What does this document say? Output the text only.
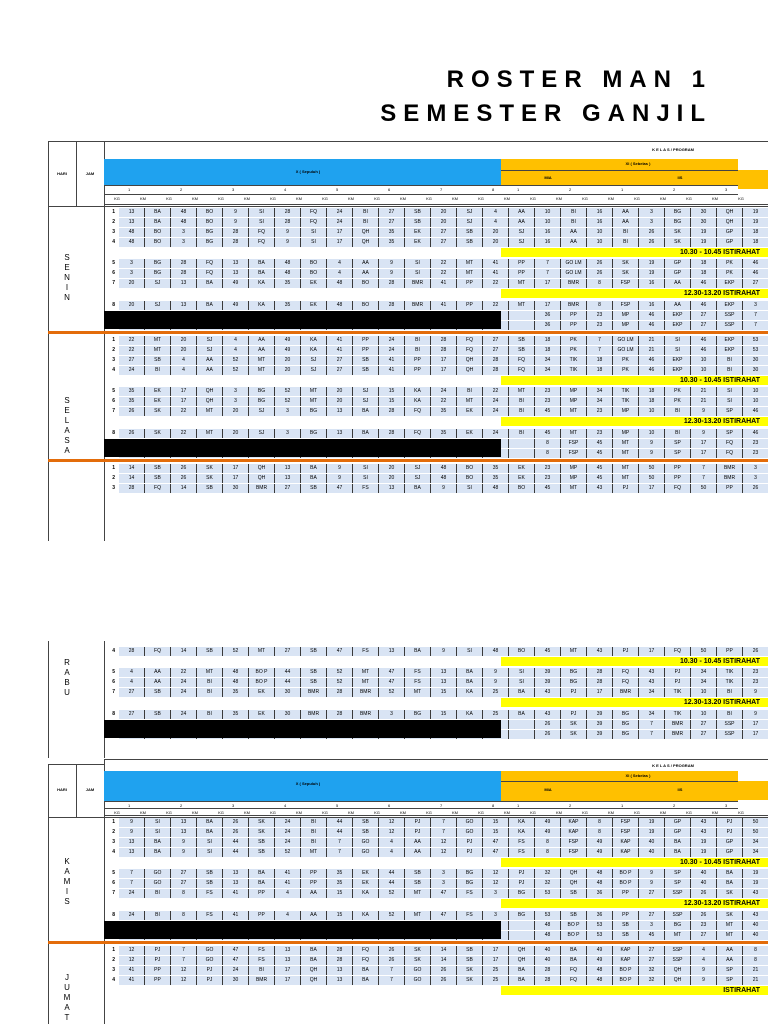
ROSTER MAN 1
SEMESTER GANJIL
K E L A S / PROGRAM
HARI	JAM	X ( Sepuluh )
XI ( Sebelas )
MIA	IIS
1	2	3	4	5	6	7	8	1	2	1	2	3
KG	KM	KG	KM	KG	KM	KG	KM	KG	KM	KG	KM	KG	KM	KG	KM	KG	KM	KG	KM	KG	KM	KG	KM	KG
1	13	BA	48	BO	9	SI	28	FQ	24	BI	27	SB	20	SJ	4	AA	10	BI	16	AA	3	BG	30	QH	19
2	13	BA	48	BO	9	SI	28	FQ	24	BI	27	SB	20	SJ	4	AA	10	BI	16	AA	3	BG	30	QH	19
3	48	BO	3	BG	28	FQ	9	SI	17	QH	35	EK	27	SB	20	SJ	16	AA	10	BI	26	SK	19	GP	18
4	48	BO	3	BG	28	FQ	9	SI	17	QH	35	EK	27	SB	20	SJ	16	AA	10	BI	26	SK	19	GP	18
5	3	BG	28	FQ	13	BA	48	BO	4	AA	9	SI	22	MT	41	PP	7	GO LM	26	SK	19	GP	18	PK	46
6	3	BG	28	FQ	13	BA	48	BO	4	AA	9	SI	22	MT	41	PP	7	GO LM	26	SK	19	GP	18	PK	46
7	20	SJ	13	BA	49	KA	35	EK	48	BO	28	BMR	41	PP	22	MT	17	BMR	8	FSP	16	AA	46	EKP	27
8	20	SJ	13	BA	49	KA	35	EK	48	BO	28	BMR	41	PP	22	MT	17	BMR	8	FSP	16	AA	46	EKP	3
36	PP	23	MP	46	EKP	27	SSP	7
36	PP	23	MP	46	EKP	27	SSP	7
10.30 - 10.45 ISTIRAHAT
12.30-13.20 ISTIRAHAT
S
E
N
I
N
1	22	MT	20	SJ	4	AA	49	KA	41	PP	24	BI	28	FQ	27	SB	18	PK	7	GO LM	21	SI	46	EKP	53
2	22	MT	20	SJ	4	AA	49	KA	41	PP	24	BI	28	FQ	27	SB	18	PK	7	GO LM	21	SI	46	EKP	53
3	27	SB	4	AA	52	MT	20	SJ	27	SB	41	PP	17	QH	28	FQ	34	TIK	18	PK	46	EKP	10	BI	30
4	24	BI	4	AA	52	MT	20	SJ	27	SB	41	PP	17	QH	28	FQ	34	TIK	18	PK	46	EKP	10	BI	30
5	35	EK	17	QH	3	BG	52	MT	20	SJ	15	KA	24	BI	22	MT	23	MP	34	TIK	18	PK	21	SI	10
6	35	EK	17	QH	3	BG	52	MT	20	SJ	15	KA	22	MT	24	BI	23	MP	34	TIK	18	PK	21	SI	10
7	26	SK	22	MT	20	SJ	3	BG	13	BA	28	FQ	35	EK	24	BI	45	MT	23	MP	10	BI	9	SP	46
8	26	SK	22	MT	20	SJ	3	BG	13	BA	28	FQ	35	EK	24	BI	45	MT	23	MP	10	BI	9	SP	46
8	FSP	45	MT	9	SP	17	FQ	23
8	FSP	45	MT	9	SP	17	FQ	23
10.30 - 10.45 ISTIRAHAT
12.30-13.20 ISTIRAHAT
S
E
L
A
S
A
1	14	SB	26	SK	17	QH	13	BA	9	SI	20	SJ	48	BO	35	EK	23	MP	45	MT	50	PP	7	BMR	3
2	14	SB	26	SK	17	QH	13	BA	9	SI	20	SJ	48	BO	35	EK	23	MP	45	MT	50	PP	7	BMR	3
3	28	FQ	14	SB	30	BMR	27	SB	47	FS	13	BA	9	SI	48	BO	45	MT	43	PJ	17	FQ	50	PP	26
4	28	FQ	14	SB	52	MT	27	SB	47	FS	13	BA	9	SI	48	BO	45	MT	43	PJ	17	FQ	50	PP	26
5	4	AA	22	MT	48	BO P	44	SB	52	MT	47	FS	13	BA	9	SI	39	BG	28	FQ	43	PJ	34	TIK	23
6	4	AA	24	BI	48	BO P	44	SB	52	MT	47	FS	13	BA	9	SI	39	BG	28	FQ	43	PJ	34	TIK	23
7	27	SB	24	BI	35	EK	30	BMR	28	BMR	52	MT	15	KA	25	BA	43	PJ	17	BMR	34	TIK	10	BI	9
8	27	SB	24	BI	35	EK	30	BMR	28	BMR	3	BG	15	KA	25	BA	43	PJ	39	BG	34	TIK	10	BI	9
26	SK	39	BG	7	BMR	27	SSP	17
26	SK	39	BG	7	BMR	27	SSP	17
10.30 - 10.45 ISTIRAHAT
12.30-13.20 ISTIRAHAT
R
A
B
U
K E L A S / PROGRAM
HARI	JAM
X ( Sepuluh )
XI ( Sebelas )
MIA	IIS
1	2	3	4	5	6	7	8	1	2	1	2	3
KG	KM	KG	KM	KG	KM	KG	KM	KG	KM	KG	KM	KG	KM	KG	KM	KG	KM	KG	KM	KG	KM	KG	KM	KG
1	9	SI	13	BA	26	SK	24	BI	44	SB	12	PJ	7	GO	15	KA	49	KAP	8	FSP	19	GP	43	PJ	50
2	9	SI	13	BA	26	SK	24	BI	44	SB	12	PJ	7	GO	15	KA	49	KAP	8	FSP	19	GP	43	PJ	50
3	13	BA	9	SI	44	SB	24	BI	7	GO	4	AA	12	PJ	47	FS	8	FSP	49	KAP	40	BA	19	GP	34
4	13	BA	9	SI	44	SB	52	MT	7	GO	4	AA	12	PJ	47	FS	8	FSP	49	KAP	40	BA	19	GP	34
5	7	GO	27	SB	13	BA	41	PP	35	EK	44	SB	3	BG	12	PJ	32	QH	48	BO P	9	SP	40	BA	19
6	7	GO	27	SB	13	BA	41	PP	35	EK	44	SB	3	BG	12	PJ	32	QH	48	BO P	9	SP	40	BA	19
7	24	BI	8	FS	41	PP	4	AA	15	KA	52	MT	47	FS	3	BG	53	SB	36	PP	27	SSP	26	SK	43
8	24	BI	8	FS	41	PP	4	AA	15	KA	52	MT	47	FS	3	BG	53	SB	36	PP	27	SSP	26	SK	43
48	BO P	53	SB	3	BG	23	MT	40
48	BO P	53	SB	45	MT	27	MT	40
10.30 - 10.45 ISTIRAHAT
12.30-13.20 ISTIRAHAT
K
A
M
I
S
1	12	PJ	7	GO	47	FS	13	BA	28	FQ	26	SK	14	SB	17	QH	40	BA	49	KAP	27	SSP	4	AA	8
2	12	PJ	7	GO	47	FS	13	BA	28	FQ	26	SK	14	SB	17	QH	40	BA	49	KAP	27	SSP	4	AA	8
3	41	PP	12	PJ	24	BI	17	QH	13	BA	7	GO	26	SK	25	BA	28	FQ	48	BO P	32	QH	9	SP	21
4	41	PP	12	PJ	30	BMR	17	QH	13	BA	7	GO	26	SK	25	BA	28	FQ	48	BO P	32	QH	9	SP	21
ISTIRAHAT
J
U
M
A
T
